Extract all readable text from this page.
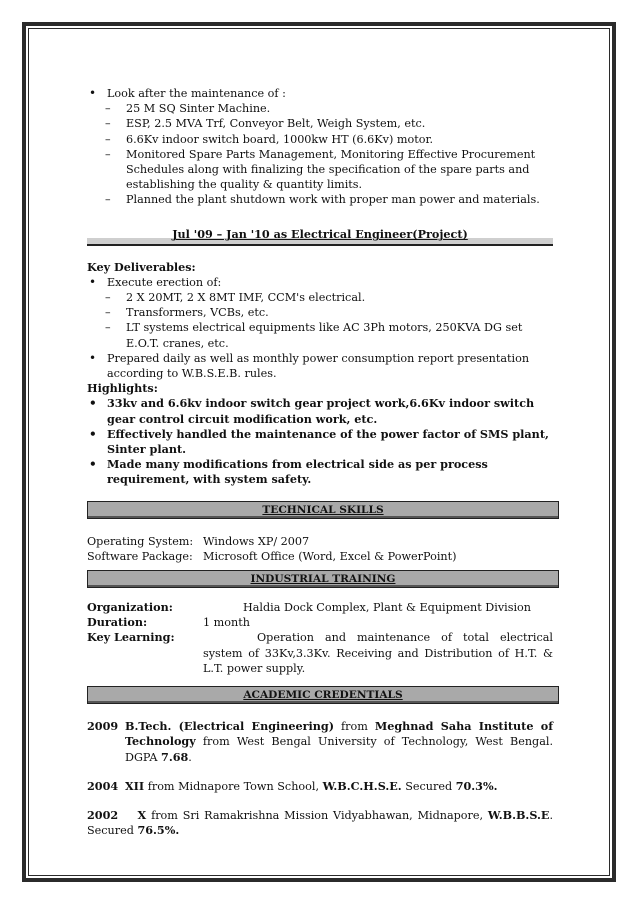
• Look after the maintenance of :
– 25 M SQ Sinter Machine.
– ESP, 2.5 MVA Trf, Conveyor Belt, Weigh System, etc.
– 6.6Kv indoor switch board, 1000kw HT (6.6Kv) motor.
– Monitored Spare Parts Management, Monitoring Effective Procurement Schedules along with finalizing the specification of the spare parts and establishing the quality & quantity limits.
– Planned the plant shutdown work with proper man power and materials.
Jul '09 – Jan '10 as Electrical Engineer(Project)
Key Deliverables:
• Execute erection of:
– 2 X 20MT, 2 X 8MT IMF, CCM's electrical.
– Transformers, VCBs, etc.
– LT systems electrical equipments like AC 3Ph motors, 250KVA DG set E.O.T. cranes, etc.
• Prepared daily as well as monthly power consumption report presentation according to W.B.S.E.B. rules.
Highlights:
• 33kv and 6.6kv indoor switch gear project work,6.6Kv indoor switch gear control circuit modification work, etc.
• Effectively handled the maintenance of the power factor of SMS plant, Sinter plant.
• Made many modifications from electrical side as per process requirement, with system safety.
TECHNICAL SKILLS
Operating System: Windows XP/ 2007
Software Package: Microsoft Office (Word, Excel & PowerPoint)
INDUSTRIAL TRAINING
Organization:	Haldia Dock Complex, Plant & Equipment Division
Duration:	1 month
Key Learning:	Operation and maintenance of total electrical system of 33Kv,3.3Kv. Receiving and Distribution of H.T. & L.T. power supply.
ACADEMIC CREDENTIALS
2009 B.Tech. (Electrical Engineering) from Meghnad Saha Institute of Technology from West Bengal University of Technology, West Bengal. DGPA 7.68.
2004 XII from Midnapore Town School, W.B.C.H.S.E. Secured 70.3%.
2002 X from Sri Ramakrishna Mission Vidyabhawan, Midnapore, W.B.B.S.E. Secured 76.5%.
